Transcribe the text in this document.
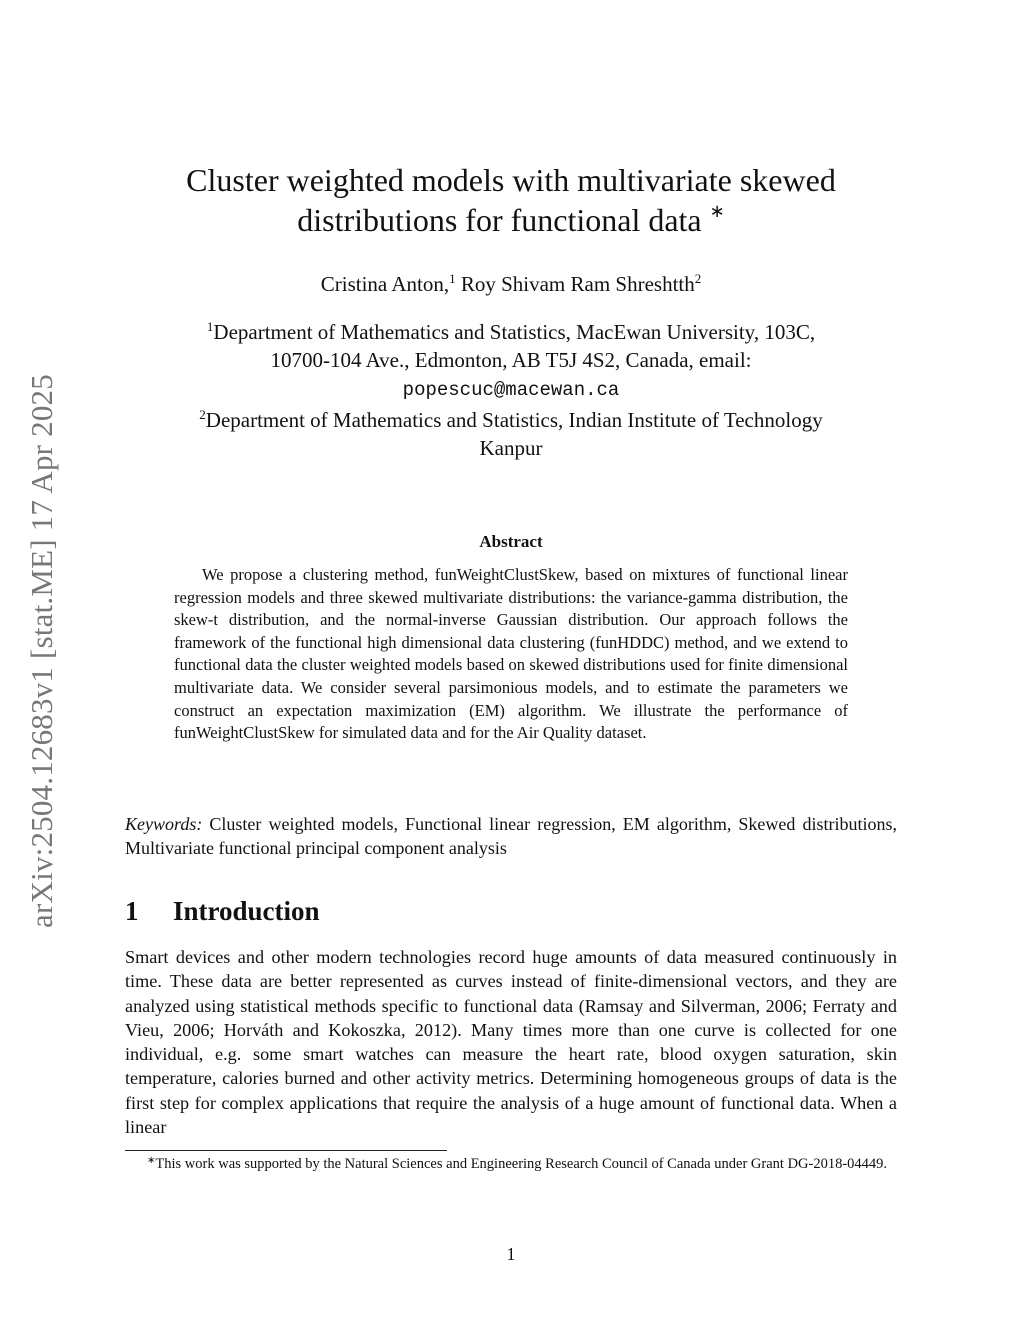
arXiv:2504.12683v1 [stat.ME] 17 Apr 2025
Cluster weighted models with multivariate skewed
distributions for functional data ∗
Cristina Anton,$^1$ Roy Shivam Ram Shreshtth$^2$
$^1$Department of Mathematics and Statistics, MacEwan University, 103C,
10700-104 Ave., Edmonton, AB T5J 4S2, Canada, email:
popescuc@macewan.ca
$^2$Department of Mathematics and Statistics, Indian Institute of Technology
Kanpur
Abstract
We propose a clustering method, funWeightClustSkew, based on mixtures of functional linear regression models and three skewed multivariate distributions: the variance-gamma distribution, the skew-t distribution, and the normal-inverse Gaussian distribution. Our approach follows the framework of the functional high dimensional data clustering (funHDDC) method, and we extend to functional data the cluster weighted models based on skewed distributions used for finite dimensional multivariate data. We consider several parsimonious models, and to estimate the parameters we construct an expectation maximization (EM) algorithm. We illustrate the performance of funWeightClustSkew for simulated data and for the Air Quality dataset.
Keywords: Cluster weighted models, Functional linear regression, EM algorithm, Skewed distributions, Multivariate functional principal component analysis
1 Introduction

Smart devices and other modern technologies record huge amounts of data measured continuously in time. These data are better represented as curves instead of finite-dimensional vectors, and they are analyzed using statistical methods specific to functional data (Ramsay and Silverman, 2006; Ferraty and Vieu, 2006; Horváth and Kokoszka, 2012). Many times more than one curve is collected for one individual, e.g. some smart watches can measure the heart rate, blood oxygen saturation, skin temperature, calories burned and other activity metrics. Determining homogeneous groups of data is the first step for complex applications that require the analysis of a huge amount of functional data. When a linear

∗This work was supported by the Natural Sciences and Engineering Research Council of Canada under Grant DG-2018-04449.
1
